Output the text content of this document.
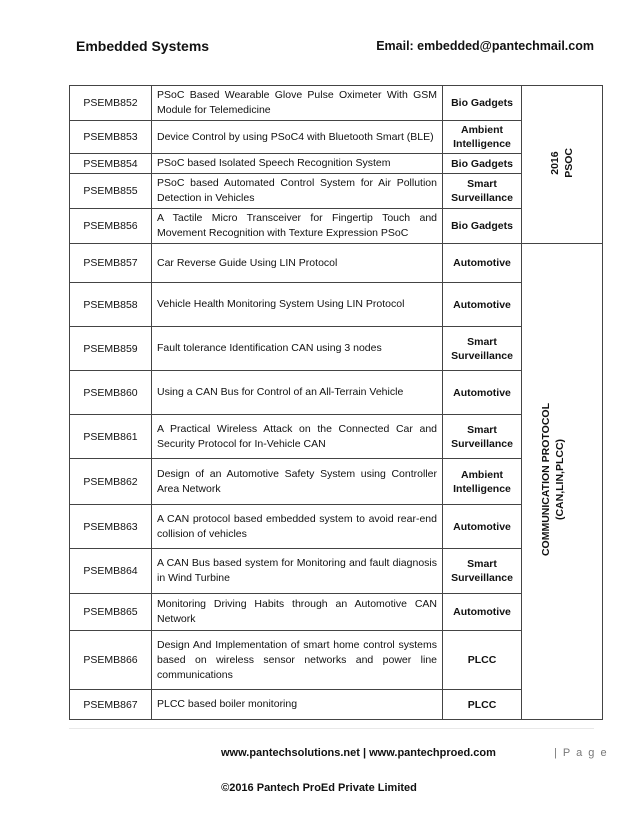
Embedded Systems	Email: embedded@pantechmail.com
PSEMB852	PSoC Based Wearable Glove Pulse Oximeter With GSM Module for Telemedicine	Bio Gadgets	2016 PSOC

PSEMB853	Device Control by using PSoC4 with Bluetooth Smart (BLE)	Ambient Intelligence	
PSEMB854	PSoC based Isolated Speech Recognition System	Bio Gadgets	
PSEMB855	PSoC based Automated Control System for Air Pollution Detection in Vehicles	Smart Surveillance	
PSEMB856	A Tactile Micro Transceiver for Fingertip Touch and Movement Recognition with Texture Expression PSoC	Bio Gadgets	
PSEMB857	Car Reverse Guide Using LIN Protocol	Automotive	COMMUNICATION PROTOCOL (CAN,LIN,PLCC)

PSEMB858	Vehicle Health Monitoring System Using LIN Protocol	Automotive	
PSEMB859	Fault tolerance Identification CAN using 3 nodes	Smart Surveillance	
PSEMB860	Using a CAN Bus for Control of an All-Terrain Vehicle	Automotive	
PSEMB861	A Practical Wireless Attack on the Connected Car and Security Protocol for In-Vehicle CAN	Smart Surveillance	
PSEMB862	Design of an Automotive Safety System using Controller Area Network	Ambient Intelligence	
PSEMB863	A CAN protocol based embedded system to avoid rear-end collision of vehicles	Automotive	
PSEMB864	A CAN Bus based system for Monitoring and fault diagnosis in Wind Turbine	Smart Surveillance	
PSEMB865	Monitoring Driving Habits through an Automotive CAN Network	Automotive	
PSEMB866	Design And Implementation of smart home control systems based on wireless sensor networks and power line communications	PLCC	
PSEMB867	PLCC based boiler monitoring	PLCC	
www.pantechsolutions.net | www.pantechproed.com	| P a g e
©2016 Pantech ProEd Private Limited
